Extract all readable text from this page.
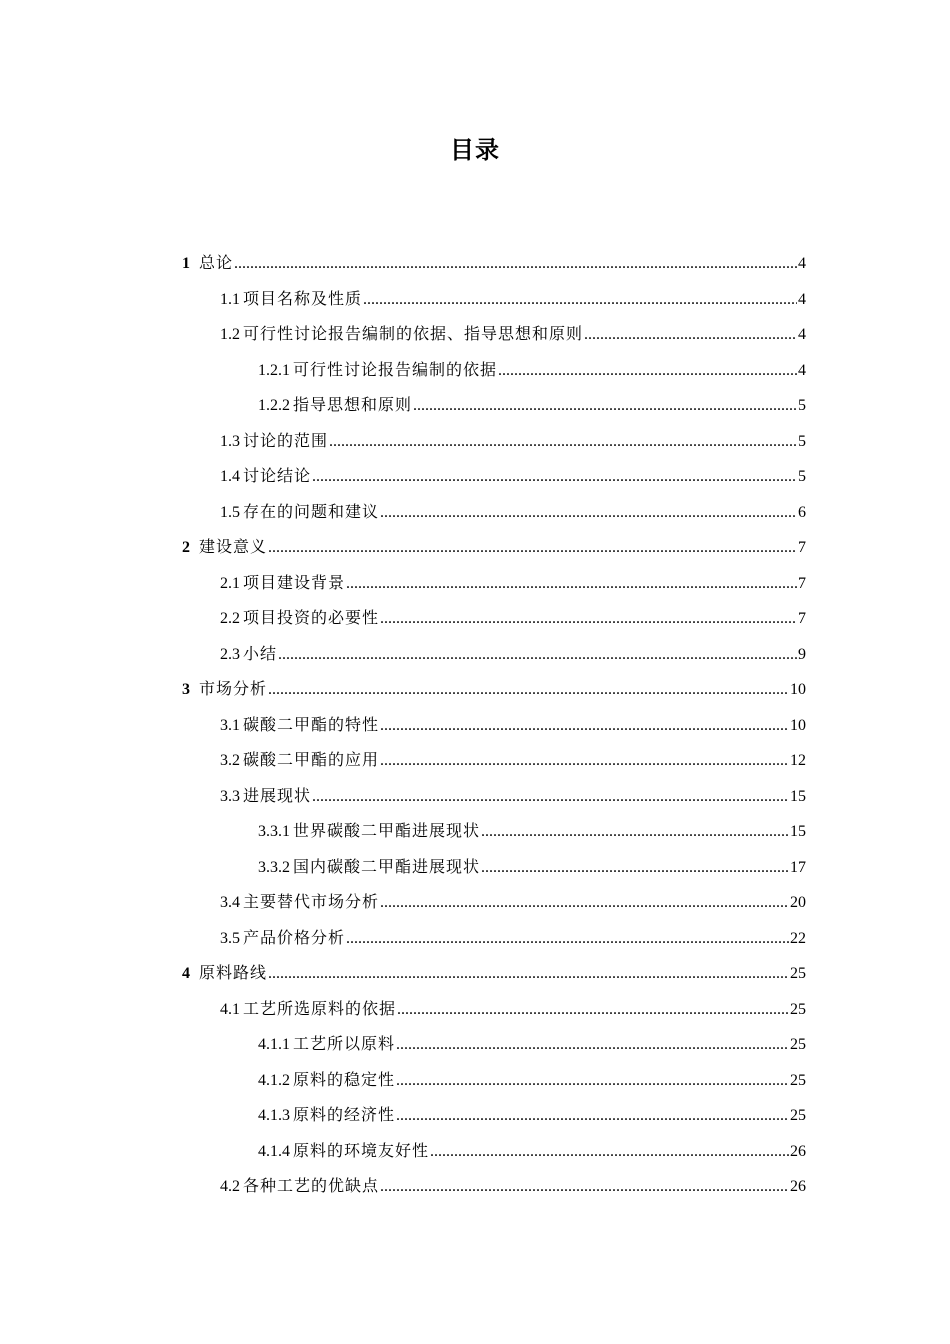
目录
1 总论 .....	4
1.1 项目名称及性质 .....	4
1.2 可行性讨论报告编制的依据、指导思想和原则 .....	4
1.2.1 可行性讨论报告编制的依据 .....	4
1.2.2 指导思想和原则 .....	5
1.3 讨论的范围 .....	5
1.4 讨论结论 .....	5
1.5 存在的问题和建议 .....	6
2 建设意义 .....	7
2.1 项目建设背景 .....	7
2.2 项目投资的必要性 .....	7
2.3 小结 .....	9
3 市场分析 .....	10
3.1 碳酸二甲酯的特性 .....	10
3.2 碳酸二甲酯的应用 .....	12
3.3 进展现状 .....	15
3.3.1 世界碳酸二甲酯进展现状 .....	15
3.3.2 国内碳酸二甲酯进展现状 .....	17
3.4 主要替代市场分析 .....	20
3.5 产品价格分析 .....	22
4 原料路线 .....	25
4.1 工艺所选原料的依据 .....	25
4.1.1 工艺所以原料 .....	25
4.1.2 原料的稳定性 .....	25
4.1.3 原料的经济性 .....	25
4.1.4 原料的环境友好性 .....	26
4.2 各种工艺的优缺点 .....	26
